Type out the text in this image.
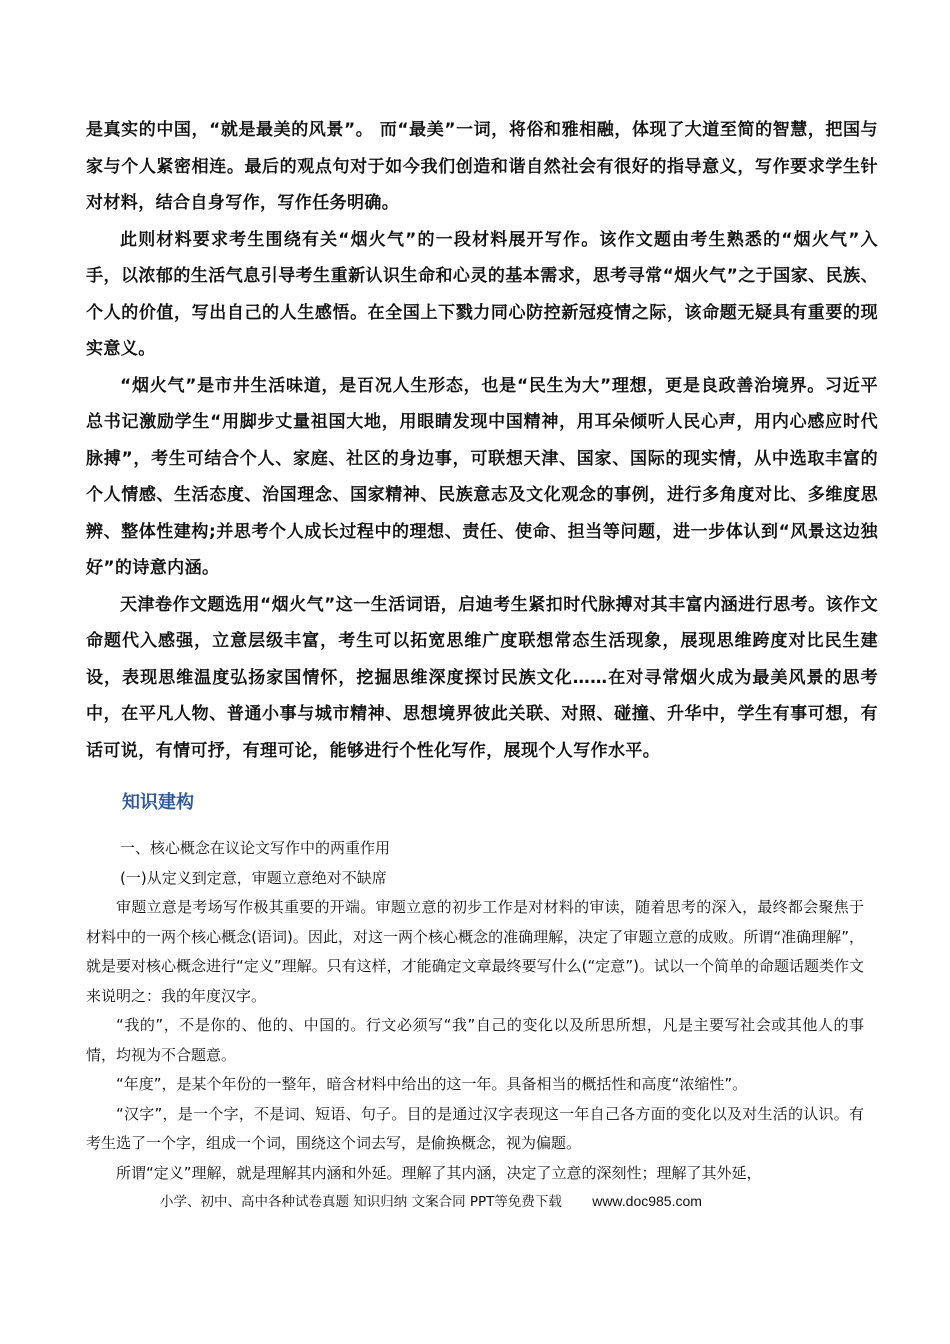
是真实的中国，“就是最美的风景”。 而“最美”一词，将俗和雅相融，体现了大道至简的智慧，把国与家与个人紧密相连。最后的观点句对于如今我们创造和谐自然社会有很好的指导意义，写作要求学生针对材料，结合自身写作，写作任务明确。

此则材料要求考生围绕有关“烟火气”的一段材料展开写作。该作文题由考生熟悉的“烟火气”入手，以浓郁的生活气息引导考生重新认识生命和心灵的基本需求，思考寻常“烟火气”之于国家、民族、个人的价值，写出自己的人生感悟。在全国上下戮力同心防控新冠疫情之际，该命题无疑具有重要的现实意义。

“烟火气”是市井生活味道，是百况人生形态，也是“民生为大”理想，更是良政善治境界。习近平总书记激励学生“用脚步丈量祖国大地，用眼睛发现中国精神，用耳朵倾听人民心声，用内心感应时代脉搏”，考生可结合个人、家庭、社区的身边事，可联想天津、国家、国际的现实情，从中选取丰富的个人情感、生活态度、治国理念、国家精神、民族意志及文化观念的事例，进行多角度对比、多维度思辨、整体性建构;并思考个人成长过程中的理想、责任、使命、担当等问题，进一步体认到“风景这边独好”的诗意内涵。

天津卷作文题选用“烟火气”这一生活词语，启迪考生紧扣时代脉搏对其丰富内涵进行思考。该作文命题代入感强，立意层级丰富，考生可以拓宽思维广度联想常态生活现象，展现思维跨度对比民生建设，表现思维温度弘扬家国情怀，挖掘思维深度探讨民族文化……在对寻常烟火成为最美风景的思考中，在平凡人物、普通小事与城市精神、思想境界彼此关联、对照、碰撞、升华中，学生有事可想，有话可说，有情可抒，有理可论，能够进行个性化写作，展现个人写作水平。

知识建构

一、核心概念在议论文写作中的两重作用

(一)从定义到定意，审题立意绝对不缺席

审题立意是考场写作极其重要的开端。审题立意的初步工作是对材料的审读，随着思考的深入，最终都会聚焦于材料中的一两个核心概念(语词)。因此，对这一两个核心概念的准确理解，决定了审题立意的成败。所谓“准确理解”，就是要对核心概念进行“定义”理解。只有这样，才能确定文章最终要写什么(“定意”)。试以一个简单的命题话题类作文来说明之：我的年度汉字。

“我的”，不是你的、他的、中国的。行文必须写“我”自己的变化以及所思所想，凡是主要写社会或其他人的事情，均视为不合题意。

“年度”，是某个年份的一整年，暗含材料中给出的这一年。具备相当的概括性和高度“浓缩性”。

“汉字”，是一个字，不是词、短语、句子。目的是通过汉字表现这一年自己各方面的变化以及对生活的认识。有考生选了一个字，组成一个词，围绕这个词去写，是偷换概念，视为偏题。

所谓“定义”理解，就是理解其内涵和外延。理解了其内涵，决定了立意的深刻性；理解了其外延，

小学、初中、高中各种试卷真题 知识归纳 文案合同 PPT等免费下载 www.doc985.com
